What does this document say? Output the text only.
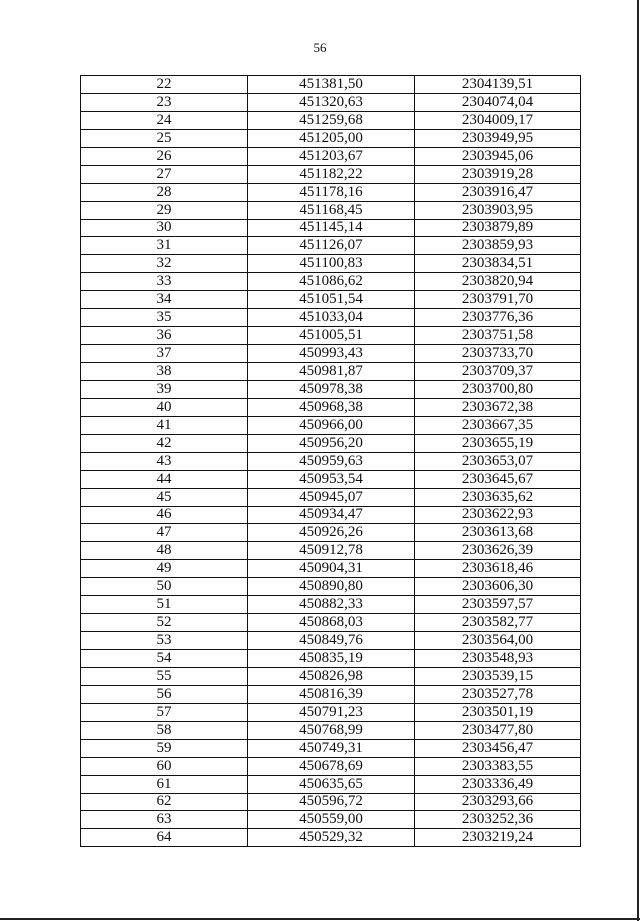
56
22	451381,50	2304139,51
23	451320,63	2304074,04
24	451259,68	2304009,17
25	451205,00	2303949,95
26	451203,67	2303945,06
27	451182,22	2303919,28
28	451178,16	2303916,47
29	451168,45	2303903,95
30	451145,14	2303879,89
31	451126,07	2303859,93
32	451100,83	2303834,51
33	451086,62	2303820,94
34	451051,54	2303791,70
35	451033,04	2303776,36
36	451005,51	2303751,58
37	450993,43	2303733,70
38	450981,87	2303709,37
39	450978,38	2303700,80
40	450968,38	2303672,38
41	450966,00	2303667,35
42	450956,20	2303655,19
43	450959,63	2303653,07
44	450953,54	2303645,67
45	450945,07	2303635,62
46	450934,47	2303622,93
47	450926,26	2303613,68
48	450912,78	2303626,39
49	450904,31	2303618,46
50	450890,80	2303606,30
51	450882,33	2303597,57
52	450868,03	2303582,77
53	450849,76	2303564,00
54	450835,19	2303548,93
55	450826,98	2303539,15
56	450816,39	2303527,78
57	450791,23	2303501,19
58	450768,99	2303477,80
59	450749,31	2303456,47
60	450678,69	2303383,55
61	450635,65	2303336,49
62	450596,72	2303293,66
63	450559,00	2303252,36
64	450529,32	2303219,24
